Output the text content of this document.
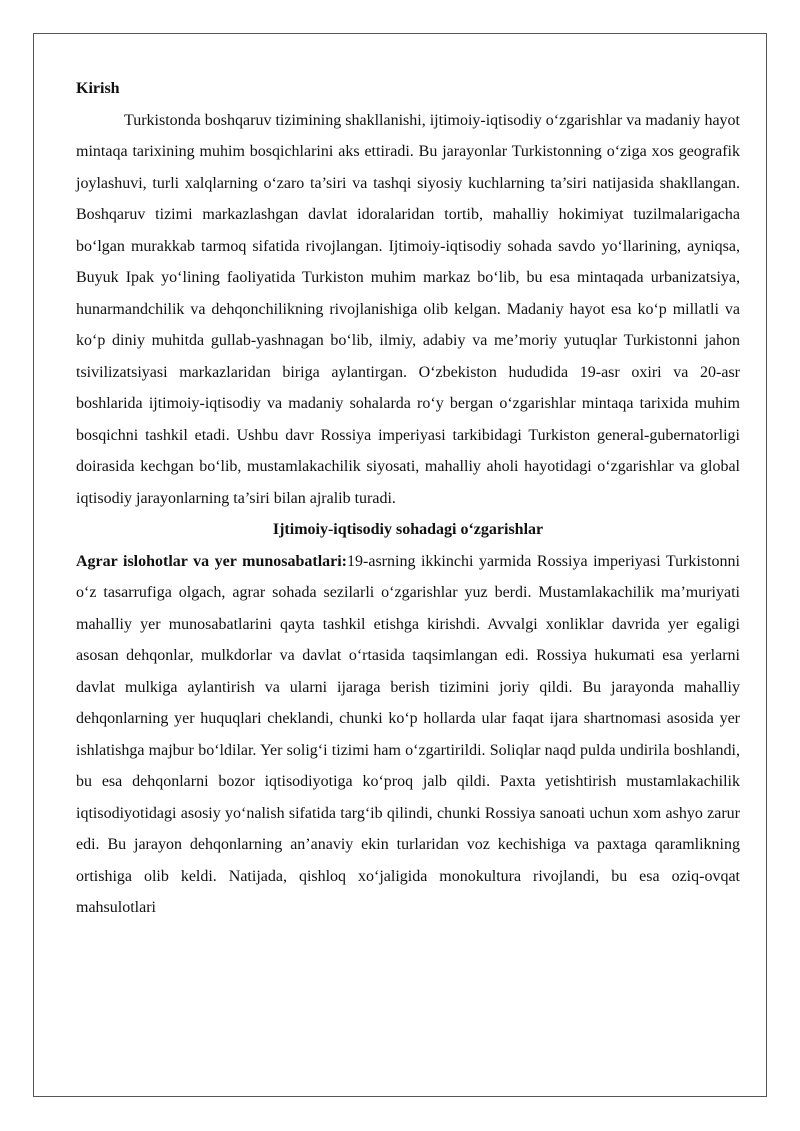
Kirish

Turkistonda boshqaruv tizimining shakllanishi, ijtimoiy-iqtisodiy o‘zgarishlar va madaniy hayot mintaqa tarixining muhim bosqichlarini aks ettiradi. Bu jarayonlar Turkistonning o‘ziga xos geografik joylashuvi, turli xalqlarning o‘zaro ta’siri va tashqi siyosiy kuchlarning ta’siri natijasida shakllangan. Boshqaruv tizimi markazlashgan davlat idoralaridan tortib, mahalliy hokimiyat tuzilmalarigacha bo‘lgan murakkab tarmoq sifatida rivojlangan. Ijtimoiy-iqtisodiy sohada savdo yo‘llarining, ayniqsa, Buyuk Ipak yo‘lining faoliyatida Turkiston muhim markaz bo‘lib, bu esa mintaqada urbanizatsiya, hunarmandchilik va dehqonchilikning rivojlanishiga olib kelgan. Madaniy hayot esa ko‘p millatli va ko‘p diniy muhitda gullab-yashnagan bo‘lib, ilmiy, adabiy va me’moriy yutuqlar Turkistonni jahon tsivilizatsiyasi markazlaridan biriga aylantirgan. O‘zbekiston hududida 19-asr oxiri va 20-asr boshlarida ijtimoiy-iqtisodiy va madaniy sohalarda ro‘y bergan o‘zgarishlar mintaqa tarixida muhim bosqichni tashkil etadi. Ushbu davr Rossiya imperiyasi tarkibidagi Turkiston general-gubernatorligi doirasida kechgan bo‘lib, mustamlakachilik siyosati, mahalliy aholi hayotidagi o‘zgarishlar va global iqtisodiy jarayonlarning ta’siri bilan ajralib turadi.

Ijtimoiy-iqtisodiy sohadagi o‘zgarishlar

Agrar islohotlar va yer munosabatlari:19-asrning ikkinchi yarmida Rossiya imperiyasi Turkistonni o‘z tasarrufiga olgach, agrar sohada sezilarli o‘zgarishlar yuz berdi. Mustamlakachilik ma’muriyati mahalliy yer munosabatlarini qayta tashkil etishga kirishdi. Avvalgi xonliklar davrida yer egaligi asosan dehqonlar, mulkdorlar va davlat o‘rtasida taqsimlangan edi. Rossiya hukumati esa yerlarni davlat mulkiga aylantirish va ularni ijaraga berish tizimini joriy qildi. Bu jarayonda mahalliy dehqonlarning yer huquqlari cheklandi, chunki ko‘p hollarda ular faqat ijara shartnomasi asosida yer ishlatishga majbur bo‘ldilar. Yer solig‘i tizimi ham o‘zgartirildi. Soliqlar naqd pulda undirila boshlandi, bu esa dehqonlarni bozor iqtisodiyotiga ko‘proq jalb qildi. Paxta yetishtirish mustamlakachilik iqtisodiyotidagi asosiy yo‘nalish sifatida targ‘ib qilindi, chunki Rossiya sanoati uchun xom ashyo zarur edi. Bu jarayon dehqonlarning an’anaviy ekin turlaridan voz kechishiga va paxtaga qaramlikning ortishiga olib keldi. Natijada, qishloq xo‘jaligida monokultura rivojlandi, bu esa oziq-ovqat mahsulotlari
